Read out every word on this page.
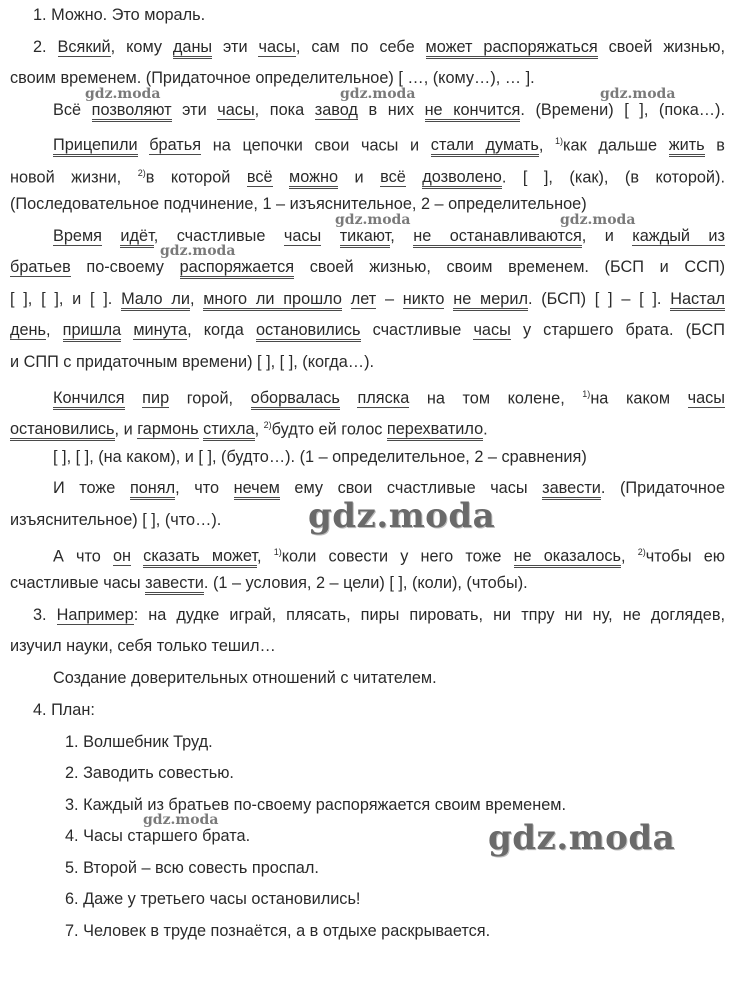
1. Можно. Это мораль.
2. Всякий, кому даны эти часы, сам по себе может распоряжаться своей жизнью,
своим временем. (Придаточное определительное) [ …, (кому…), … ].
Всё позволяют эти часы, пока завод в них не кончится. (Времени) [ ], (пока…).
Прицепили братья на цепочки свои часы и стали думать, $^{1)}$как дальше жить в
новой жизни, $^{2)}$в которой всё можно и всё дозволено. [ ], (как), (в которой).
(Последовательное подчинение, 1 – изъяснительное, 2 – определительное)
Время идёт, счастливые часы тикают, не останавливаются, и каждый из
братьев по-своему распоряжается своей жизнью, своим временем. (БСП и ССП)
[ ], [ ], и [ ]. Мало ли, много ли прошло лет – никто не мерил. (БСП) [ ] – [ ]. Настал
день, пришла минута, когда остановились счастливые часы у старшего брата. (БСП
и СПП с придаточным времени) [ ], [ ], (когда…).
Кончился пир горой, оборвалась пляска на том колене, $^{1)}$на каком часы
остановились, и гармонь стихла, $^{2)}$будто ей голос перехватило.
[ ], [ ], (на каком), и [ ], (будто…). (1 – определительное, 2 – сравнения)
И тоже понял, что нечем ему свои счастливые часы завести. (Придаточное
изъяснительное) [ ], (что…).
А что он сказать может, $^{1)}$коли совести у него тоже не оказалось, $^{2)}$чтобы ею
счастливые часы завести. (1 – условия, 2 – цели) [ ], (коли), (чтобы).
3. Например: на дудке играй, плясать, пиры пировать, ни тпру ни ну, не доглядев,
изучил науки, себя только тешил…
Создание доверительных отношений с читателем.
4. План:
1. Волшебник Труд.
2. Заводить совестью.
3. Каждый из братьев по-своему распоряжается своим временем.
4. Часы старшего брата.
5. Второй – всю совесть проспал.
6. Даже у третьего часы остановились!
7. Человек в труде познаётся, а в отдыхе раскрывается.
gdz.moda	gdz.moda	gdz.moda
gdz.moda	gdz.moda
gdz.moda
gdz.moda
gdz.moda	gdz.moda
